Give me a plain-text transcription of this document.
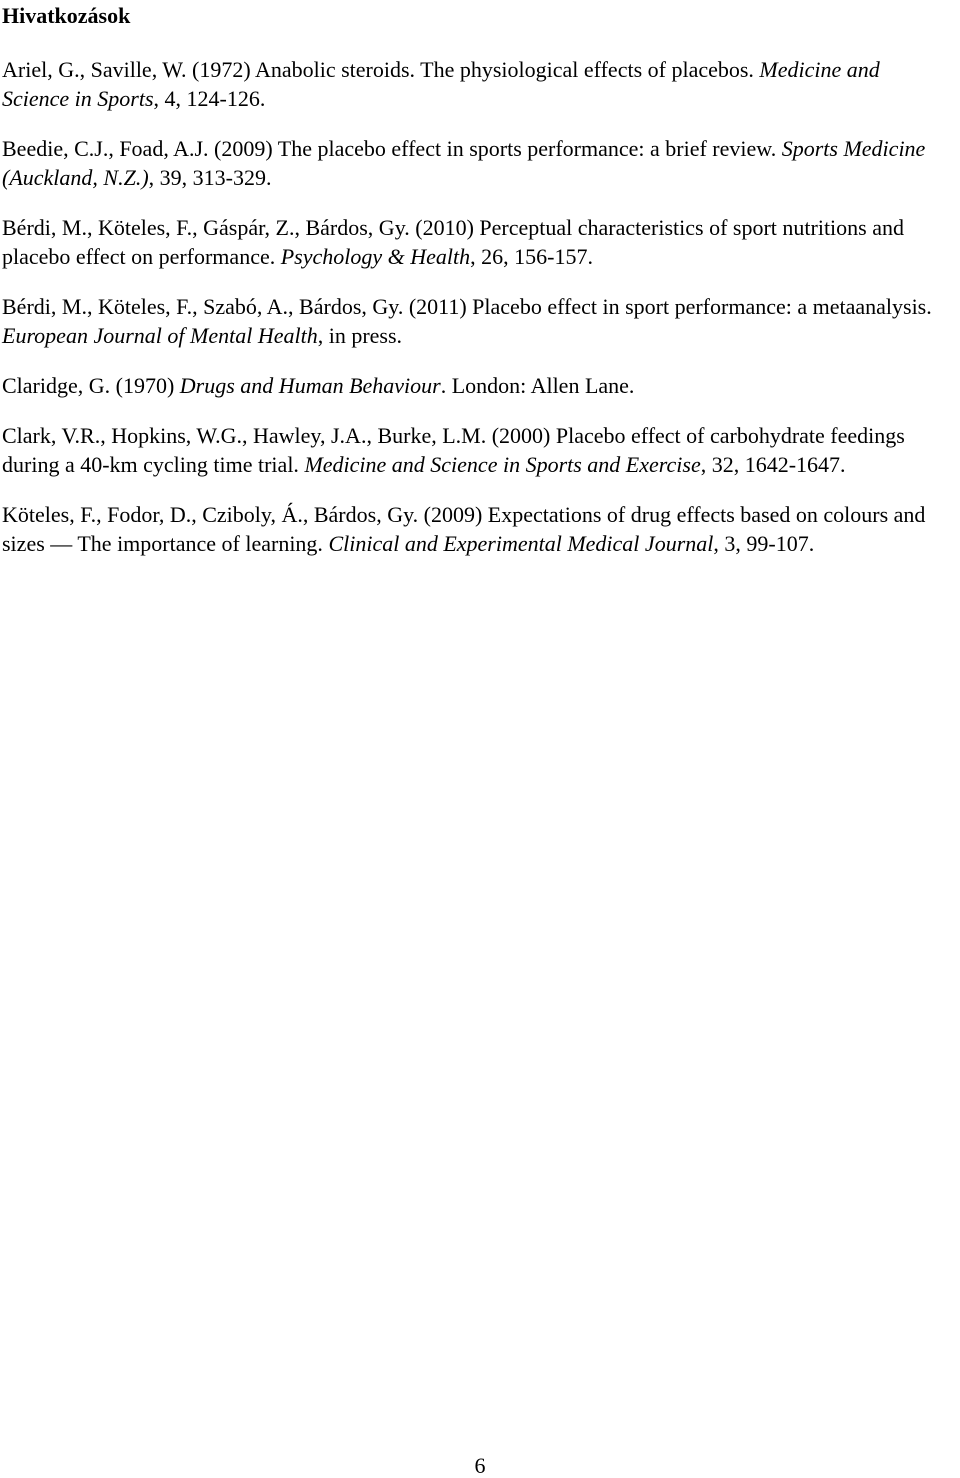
Hivatkozások
Ariel, G., Saville, W. (1972) Anabolic steroids. The physiological effects of placebos. Medicine and Science in Sports, 4, 124-126.
Beedie, C.J., Foad, A.J. (2009) The placebo effect in sports performance: a brief review. Sports Medicine (Auckland, N.Z.), 39, 313-329.
Bérdi, M., Köteles, F., Gáspár, Z., Bárdos, Gy. (2010) Perceptual characteristics of sport nutritions and placebo effect on performance. Psychology & Health, 26, 156-157.
Bérdi, M., Köteles, F., Szabó, A., Bárdos, Gy. (2011) Placebo effect in sport performance: a metaanalysis. European Journal of Mental Health, in press.
Claridge, G. (1970) Drugs and Human Behaviour. London: Allen Lane.
Clark, V.R., Hopkins, W.G., Hawley, J.A., Burke, L.M. (2000) Placebo effect of carbohydrate feedings during a 40-km cycling time trial. Medicine and Science in Sports and Exercise, 32, 1642-1647.
Köteles, F., Fodor, D., Cziboly, Á., Bárdos, Gy. (2009) Expectations of drug effects based on colours and sizes — The importance of learning. Clinical and Experimental Medical Journal, 3, 99-107.
6
